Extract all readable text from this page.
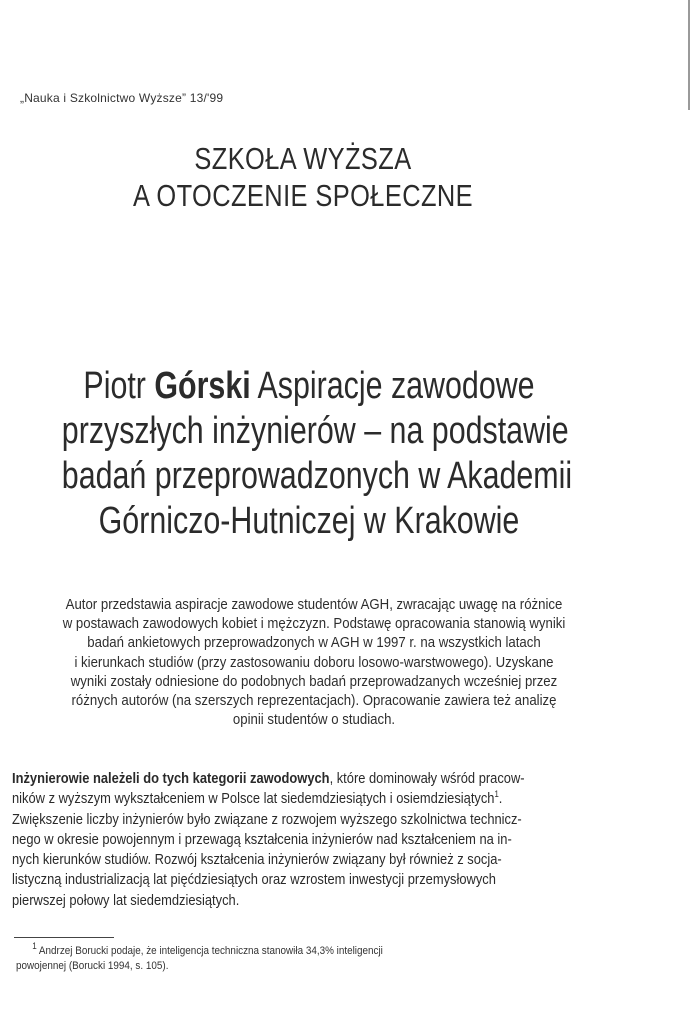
„Nauka i Szkolnictwo Wyższe” 13/'99
SZKOŁA WYŻSZA
A OTOCZENIE SPOŁECZNE
Piotr Górski Aspiracje zawodowe
przyszłych inżynierów – na podstawie
badań przeprowadzonych w Akademii
Górniczo-Hutniczej w Krakowie
Autor przedstawia aspiracje zawodowe studentów AGH, zwracając uwagę na różnice
w postawach zawodowych kobiet i mężczyzn. Podstawę opracowania stanowią wyniki
badań ankietowych przeprowadzonych w AGH w 1997 r. na wszystkich latach
i kierunkach studiów (przy zastosowaniu doboru losowo-warstwowego). Uzyskane
wyniki zostały odniesione do podobnych badań przeprowadzanych wcześniej przez
różnych autorów (na szerszych reprezentacjach). Opracowanie zawiera też analizę
opinii studentów o studiach.
Inżynierowie należeli do tych kategorii zawodowych, które dominowały wśród pracow-
ników z wyższym wykształceniem w Polsce lat siedemdziesiątych i osiemdziesiątych$^1$.
Zwiększenie liczby inżynierów było związane z rozwojem wyższego szkolnictwa technicz-
nego w okresie powojennym i przewagą kształcenia inżynierów nad kształceniem na in-
nych kierunków studiów. Rozwój kształcenia inżynierów związany był również z socja-
listyczną industrializacją lat pięćdziesiątych oraz wzrostem inwestycji przemysłowych
pierwszej połowy lat siedemdziesiątych.
$^1$ Andrzej Borucki podaje, że inteligencja techniczna stanowiła 34,3% inteligencji
powojennej (Borucki 1994, s. 105).
